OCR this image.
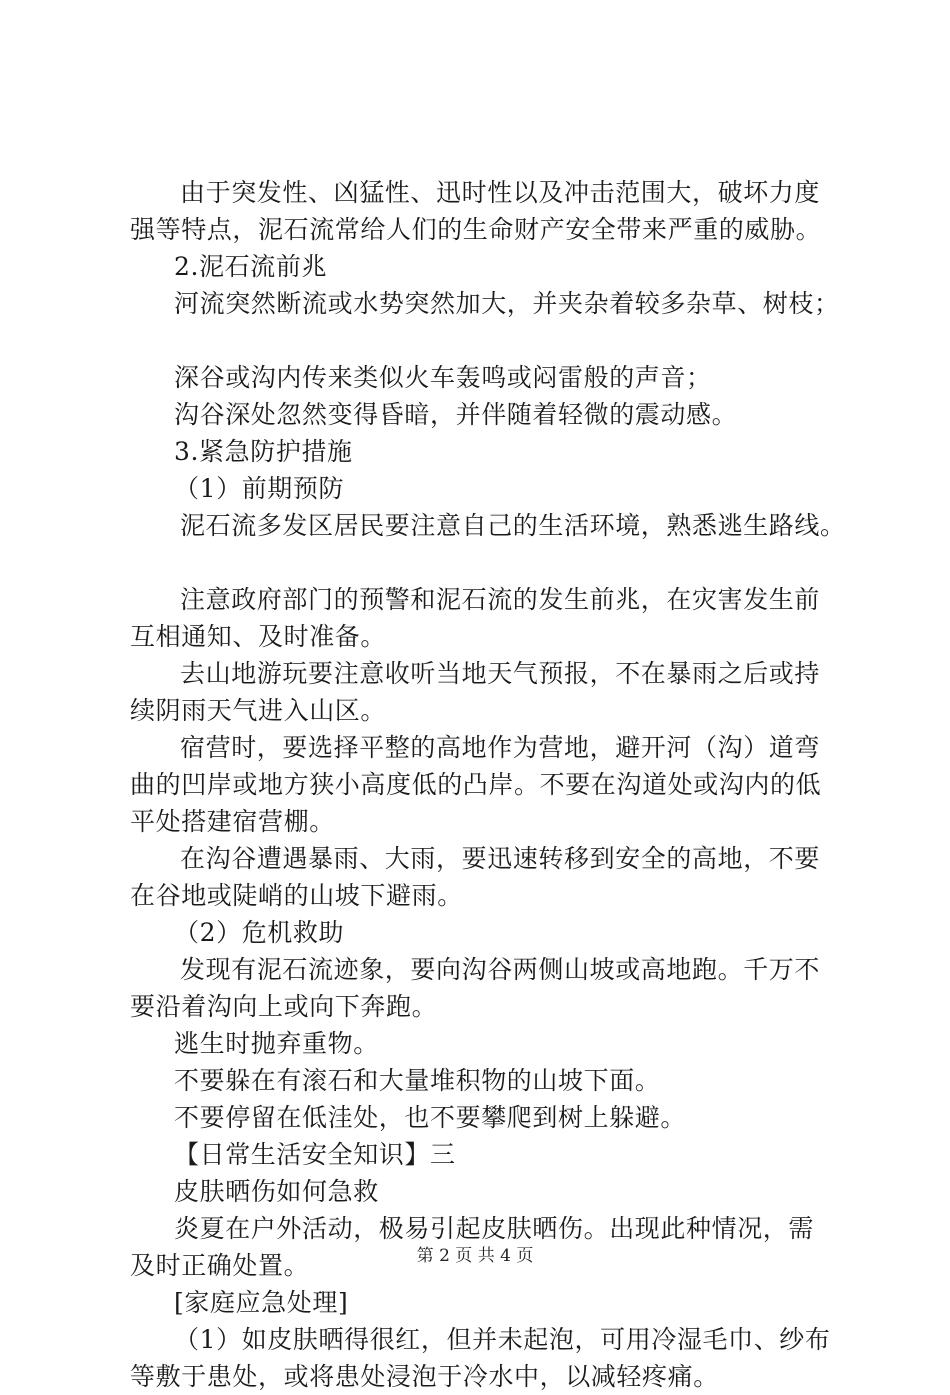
由于突发性、凶猛性、迅时性以及冲击范围大，破坏力度
强等特点，泥石流常给人们的生命财产安全带来严重的威胁。
2.泥石流前兆
河流突然断流或水势突然加大，并夹杂着较多杂草、树枝；
深谷或沟内传来类似火车轰鸣或闷雷般的声音；
沟谷深处忽然变得昏暗，并伴随着轻微的震动感。
3.紧急防护措施
（1）前期预防
泥石流多发区居民要注意自己的生活环境，熟悉逃生路线。
注意政府部门的预警和泥石流的发生前兆，在灾害发生前
互相通知、及时准备。
去山地游玩要注意收听当地天气预报，不在暴雨之后或持
续阴雨天气进入山区。
宿营时，要选择平整的高地作为营地，避开河（沟）道弯
曲的凹岸或地方狭小高度低的凸岸。不要在沟道处或沟内的低
平处搭建宿营棚。
在沟谷遭遇暴雨、大雨，要迅速转移到安全的高地，不要
在谷地或陡峭的山坡下避雨。
（2）危机救助
发现有泥石流迹象，要向沟谷两侧山坡或高地跑。千万不
要沿着沟向上或向下奔跑。
逃生时抛弃重物。
不要躲在有滚石和大量堆积物的山坡下面。
不要停留在低洼处，也不要攀爬到树上躲避。
【日常生活安全知识】三
皮肤晒伤如何急救
炎夏在户外活动，极易引起皮肤晒伤。出现此种情况，需
及时正确处置。
[家庭应急处理]
（1）如皮肤晒得很红，但并未起泡，可用冷湿毛巾、纱布
等敷于患处，或将患处浸泡于冷水中，以减轻疼痛。
第 2 页 共 4 页
